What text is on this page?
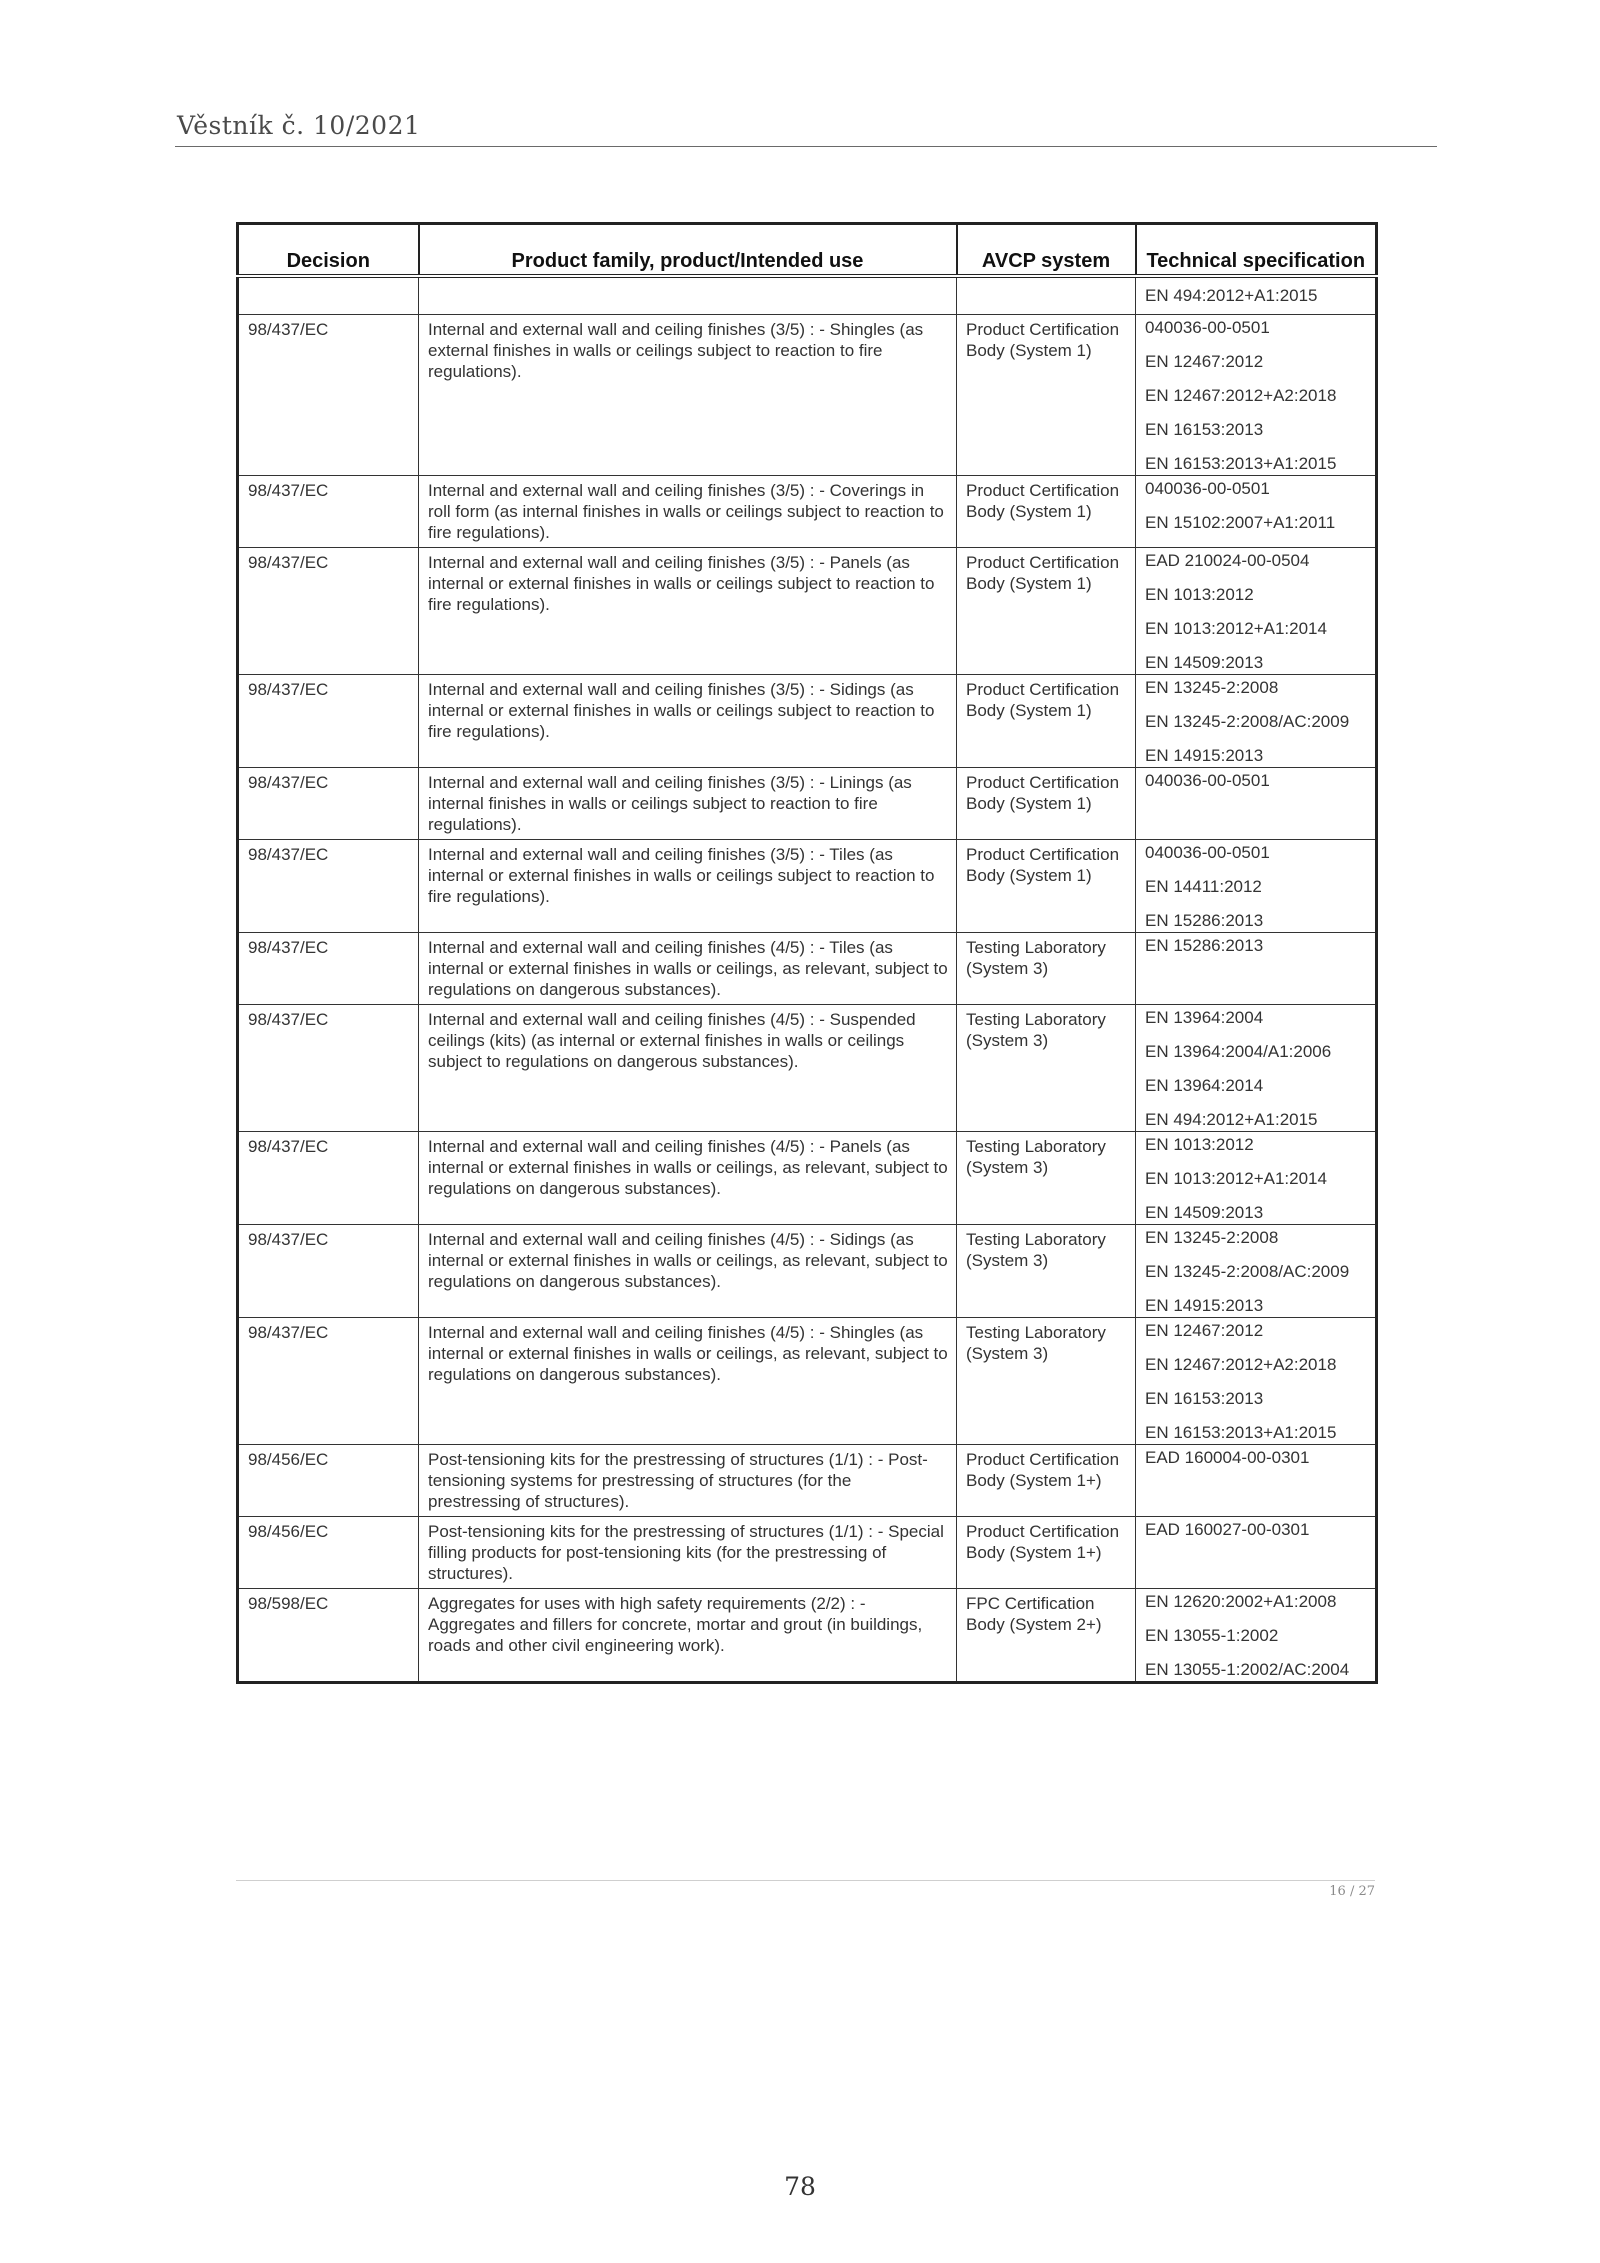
Věstník č. 10/2021
Decision	Product family, product/Intended use	AVCP system	Technical specification
			EN 494:2012+A1:2015
98/437/EC	Internal and external wall and ceiling finishes (3/5) : - Shingles (as external finishes in walls or ceilings subject to reaction to fire regulations).	Product Certification Body (System 1)	040036-00-0501
EN 12467:2012
EN 12467:2012+A2:2018
EN 16153:2013
EN 16153:2013+A1:2015

98/437/EC	Internal and external wall and ceiling finishes (3/5) : - Coverings in roll form (as internal finishes in walls or ceilings subject to reaction to fire regulations).	Product Certification Body (System 1)	040036-00-0501
EN 15102:2007+A1:2011

98/437/EC	Internal and external wall and ceiling finishes (3/5) : - Panels (as internal or external finishes in walls or ceilings subject to reaction to fire regulations).	Product Certification Body (System 1)	EAD 210024-00-0504
EN 1013:2012
EN 1013:2012+A1:2014
EN 14509:2013

98/437/EC	Internal and external wall and ceiling finishes (3/5) : - Sidings (as internal or external finishes in walls or ceilings subject to reaction to fire regulations).	Product Certification Body (System 1)	EN 13245-2:2008
EN 13245-2:2008/AC:2009
EN 14915:2013

98/437/EC	Internal and external wall and ceiling finishes (3/5) : - Linings (as internal finishes in walls or ceilings subject to reaction to fire regulations).	Product Certification Body (System 1)	040036-00-0501

98/437/EC	Internal and external wall and ceiling finishes (3/5) : - Tiles (as internal or external finishes in walls or ceilings subject to reaction to fire regulations).	Product Certification Body (System 1)	040036-00-0501
EN 14411:2012
EN 15286:2013

98/437/EC	Internal and external wall and ceiling finishes (4/5) : - Tiles (as internal or external finishes in walls or ceilings, as relevant, subject to regulations on dangerous substances).	Testing Laboratory (System 3)	EN 15286:2013

98/437/EC	Internal and external wall and ceiling finishes (4/5) : - Suspended ceilings (kits) (as internal or external finishes in walls or ceilings subject to regulations on dangerous substances).	Testing Laboratory (System 3)	EN 13964:2004
EN 13964:2004/A1:2006
EN 13964:2014
EN 494:2012+A1:2015

98/437/EC	Internal and external wall and ceiling finishes (4/5) : - Panels (as internal or external finishes in walls or ceilings, as relevant, subject to regulations on dangerous substances).	Testing Laboratory (System 3)	EN 1013:2012
EN 1013:2012+A1:2014
EN 14509:2013

98/437/EC	Internal and external wall and ceiling finishes (4/5) : - Sidings (as internal or external finishes in walls or ceilings, as relevant, subject to regulations on dangerous substances).	Testing Laboratory (System 3)	EN 13245-2:2008
EN 13245-2:2008/AC:2009
EN 14915:2013

98/437/EC	Internal and external wall and ceiling finishes (4/5) : - Shingles (as internal or external finishes in walls or ceilings, as relevant, subject to regulations on dangerous substances).	Testing Laboratory (System 3)	EN 12467:2012
EN 12467:2012+A2:2018
EN 16153:2013
EN 16153:2013+A1:2015

98/456/EC	Post-tensioning kits for the prestressing of structures (1/1) : - Post-tensioning systems for prestressing of structures (for the prestressing of structures).	Product Certification Body (System 1+)	EAD 160004-00-0301

98/456/EC	Post-tensioning kits for the prestressing of structures (1/1) : - Special filling products for post-tensioning kits (for the prestressing of structures).	Product Certification Body (System 1+)	EAD 160027-00-0301

98/598/EC	Aggregates for uses with high safety requirements (2/2) : - Aggregates and fillers for concrete, mortar and grout (in buildings, roads and other civil engineering work).	FPC Certification Body (System 2+)	EN 12620:2002+A1:2008
EN 13055-1:2002
EN 13055-1:2002/AC:2004
16 / 27
78
